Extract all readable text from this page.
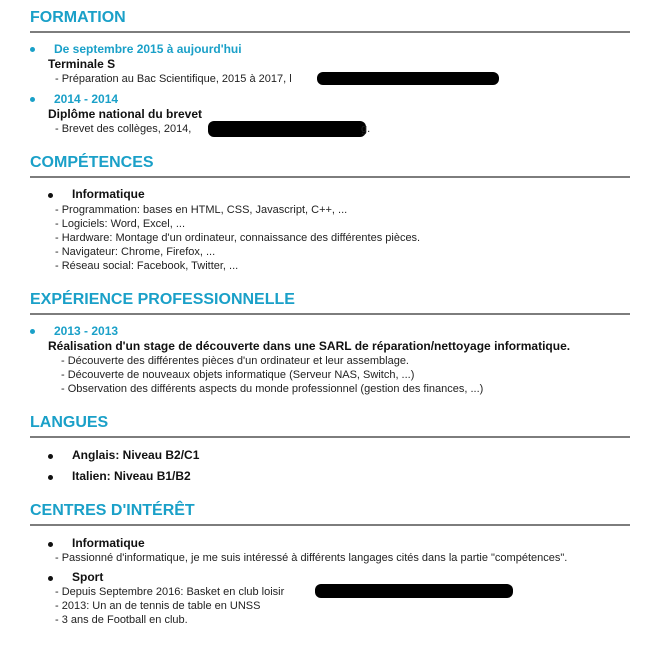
FORMATION
De septembre 2015 à aujourd'hui
Terminale S
- Préparation au Bac Scientifique, 2015 à 2017, l
2014 - 2014
Diplôme national du brevet
- Brevet des collèges, 2014,	g.
COMPÉTENCES
Informatique
- Programmation: bases en HTML, CSS, Javascript, C++, ...
- Logiciels: Word, Excel, ...
- Hardware: Montage d'un ordinateur, connaissance des différentes pièces.
- Navigateur: Chrome, Firefox, ...
- Réseau social: Facebook, Twitter, ...
EXPÉRIENCE PROFESSIONNELLE
2013 - 2013
Réalisation d'un stage de découverte dans une SARL de réparation/nettoyage informatique.
- Découverte des différentes pièces d'un ordinateur et leur assemblage.
- Découverte de nouveaux objets informatique (Serveur NAS, Switch, ...)
- Observation des différents aspects du monde professionnel (gestion des finances, ...)
LANGUES
Anglais: Niveau B2/C1
Italien: Niveau B1/B2
CENTRES D'INTÉRÊT
Informatique
- Passionné d'informatique, je me suis intéressé à différents langages cités dans la partie "compétences".
Sport
- Depuis Septembre 2016: Basket en club loisir
- 2013: Un an de tennis de table en UNSS
- 3 ans de Football en club.
